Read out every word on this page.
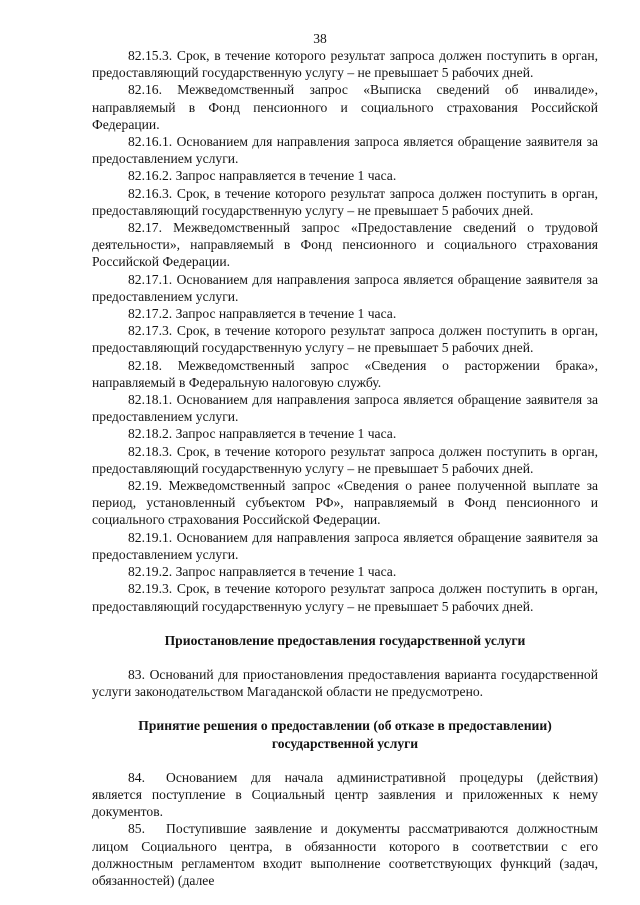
38

82.15.3. Срок, в течение которого результат запроса должен поступить в орган, предоставляющий государственную услугу – не превышает 5 рабочих дней.

82.16. Межведомственный запрос «Выписка сведений об инвалиде», направляемый в Фонд пенсионного и социального страхования Российской Федерации.

82.16.1. Основанием для направления запроса является обращение заявителя за предоставлением услуги.

82.16.2. Запрос направляется в течение 1 часа.

82.16.3. Срок, в течение которого результат запроса должен поступить в орган, предоставляющий государственную услугу – не превышает 5 рабочих дней.

82.17. Межведомственный запрос «Предоставление сведений о трудовой деятельности», направляемый в Фонд пенсионного и социального страхования Российской Федерации.

82.17.1. Основанием для направления запроса является обращение заявителя за предоставлением услуги.

82.17.2. Запрос направляется в течение 1 часа.

82.17.3. Срок, в течение которого результат запроса должен поступить в орган, предоставляющий государственную услугу – не превышает 5 рабочих дней.

82.18. Межведомственный запрос «Сведения о расторжении брака», направляемый в Федеральную налоговую службу.

82.18.1. Основанием для направления запроса является обращение заявителя за предоставлением услуги.

82.18.2. Запрос направляется в течение 1 часа.

82.18.3. Срок, в течение которого результат запроса должен поступить в орган, предоставляющий государственную услугу – не превышает 5 рабочих дней.

82.19. Межведомственный запрос «Сведения о ранее полученной выплате за период, установленный субъектом РФ», направляемый в Фонд пенсионного и социального страхования Российской Федерации.

82.19.1. Основанием для направления запроса является обращение заявителя за предоставлением услуги.

82.19.2. Запрос направляется в течение 1 часа.

82.19.3. Срок, в течение которого результат запроса должен поступить в орган, предоставляющий государственную услугу – не превышает 5 рабочих дней.

Приостановление предоставления государственной услуги

83. Оснований для приостановления предоставления варианта государственной услуги законодательством Магаданской области не предусмотрено.

Принятие решения о предоставлении (об отказе в предоставлении)

государственной услуги

84. Основанием для начала административной процедуры (действия) является поступление в Социальный центр заявления и приложенных к нему документов.

85. Поступившие заявление и документы рассматриваются должностным лицом Социального центра, в обязанности которого в соответствии с его должностным регламентом входит выполнение соответствующих функций (задач, обязанностей) (далее
